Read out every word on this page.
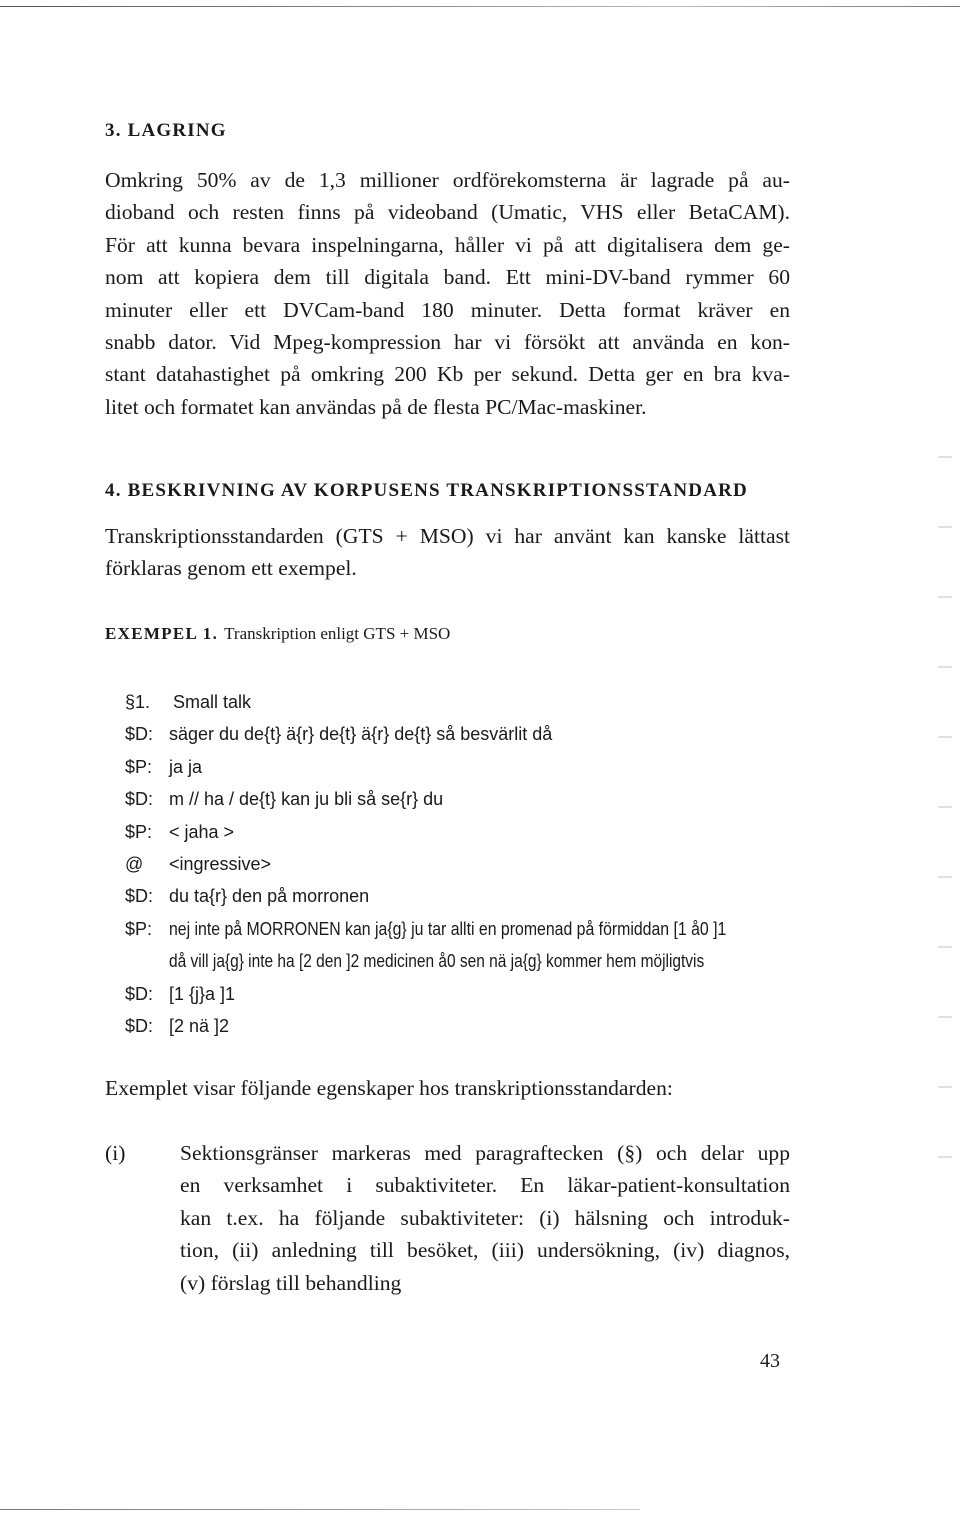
3. LAGRING

Omkring 50% av de 1,3 millioner ordförekomsterna är lagrade på au-
dioband och resten finns på videoband (Umatic, VHS eller BetaCAM).
För att kunna bevara inspelningarna, håller vi på att digitalisera dem ge-
nom att kopiera dem till digitala band. Ett mini-DV-band rymmer 60
minuter eller ett DVCam-band 180 minuter. Detta format kräver en
snabb dator. Vid Mpeg-kompression har vi försökt att använda en kon-
stant datahastighet på omkring 200 Kb per sekund. Detta ger en bra kva-
litet och formatet kan användas på de flesta PC/Mac-maskiner.

4. BESKRIVNING AV KORPUSENS TRANSKRIPTIONSSTANDARD

Transkriptionsstandarden (GTS + MSO) vi har använt kan kanske lättast
förklaras genom ett exempel.

EXEMPEL 1. Transkription enligt GTS + MSO
§1.	Small talk
$D: säger du de{t} ä{r} de{t} ä{r} de{t} så besvärlit då
$P: ja ja
$D: m // ha / de{t} kan ju bli så se{r} du
$P: < jaha >
@	<ingressive>
$D: du ta{r} den på morronen
$P: nej inte på MORRONEN kan ja{g} ju tar allti en promenad på förmiddan [1 å0 ]1
då vill ja{g} inte ha [2 den ]2 medicinen å0 sen nä ja{g} kommer hem möjligtvis
$D: [1 {j}a ]1
$D: [2 nä ]2

Exemplet visar följande egenskaper hos transkriptionsstandarden:

(i)	Sektionsgränser markeras med paragraftecken (§) och delar upp
en verksamhet i subaktiviteter. En läkar-patient-konsultation
kan t.ex. ha följande subaktiviteter: (i) hälsning och introduk-
tion, (ii) anledning till besöket, (iii) undersökning, (iv) diagnos,
(v) förslag till behandling
43
